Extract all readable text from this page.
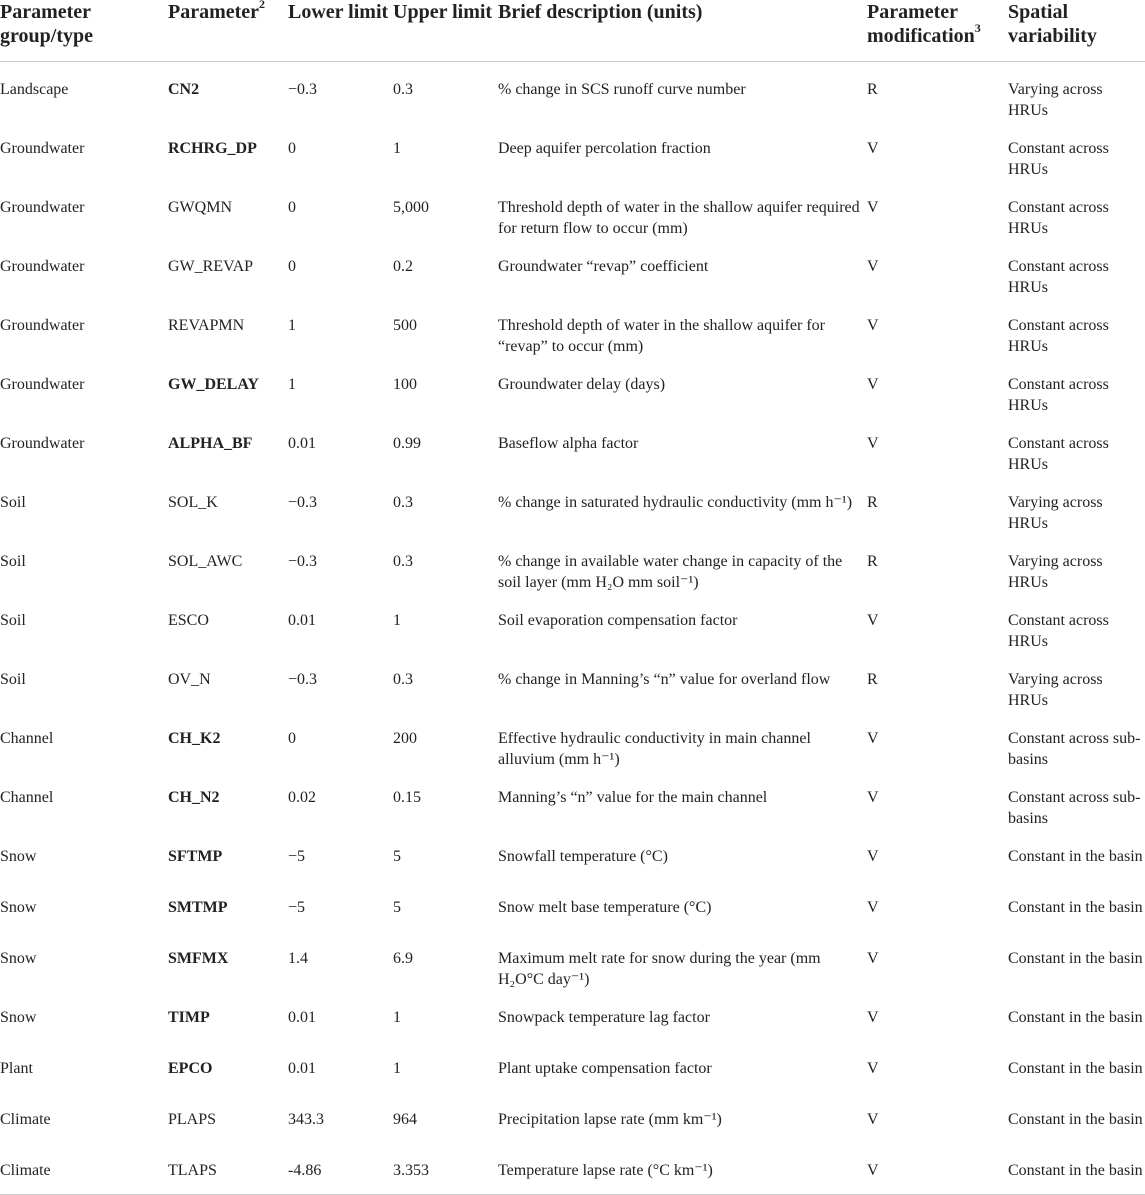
Parameter group/type	Parameter$^2$	Lower limit	Upper limit	Brief description (units)	Parameter modification$^3$	Spatial variability
Landscape	CN2	−0.3	0.3	% change in SCS runoff curve number	R	Varying across HRUs
Groundwater	RCHRG_DP	0	1	Deep aquifer percolation fraction	V	Constant across HRUs
Groundwater	GWQMN	0	5,000	Threshold depth of water in the shallow aquifer required for return flow to occur (mm)	V	Constant across HRUs
Groundwater	GW_REVAP	0	0.2	Groundwater “revap” coefficient	V	Constant across HRUs
Groundwater	REVAPMN	1	500	Threshold depth of water in the shallow aquifer for “revap” to occur (mm)	V	Constant across HRUs
Groundwater	GW_DELAY	1	100	Groundwater delay (days)	V	Constant across HRUs
Groundwater	ALPHA_BF	0.01	0.99	Baseflow alpha factor	V	Constant across HRUs
Soil	SOL_K	−0.3	0.3	% change in saturated hydraulic conductivity (mm h⁻¹)	R	Varying across HRUs
Soil	SOL_AWC	−0.3	0.3	% change in available water change in capacity of the soil layer (mm H₂O mm soil⁻¹)	R	Varying across HRUs
Soil	ESCO	0.01	1	Soil evaporation compensation factor	V	Constant across HRUs
Soil	OV_N	−0.3	0.3	% change in Manning’s “n” value for overland flow	R	Varying across HRUs
Channel	CH_K2	0	200	Effective hydraulic conductivity in main channel alluvium (mm h⁻¹)	V	Constant across sub-basins
Channel	CH_N2	0.02	0.15	Manning’s “n” value for the main channel	V	Constant across sub-basins
Snow	SFTMP	−5	5	Snowfall temperature (°C)	V	Constant in the basin
Snow	SMTMP	−5	5	Snow melt base temperature (°C)	V	Constant in the basin
Snow	SMFMX	1.4	6.9	Maximum melt rate for snow during the year (mm H₂O°C day⁻¹)	V	Constant in the basin
Snow	TIMP	0.01	1	Snowpack temperature lag factor	V	Constant in the basin
Plant	EPCO	0.01	1	Plant uptake compensation factor	V	Constant in the basin
Climate	PLAPS	343.3	964	Precipitation lapse rate (mm km⁻¹)	V	Constant in the basin
Climate	TLAPS	-4.86	3.353	Temperature lapse rate (°C km⁻¹)	V	Constant in the basin
